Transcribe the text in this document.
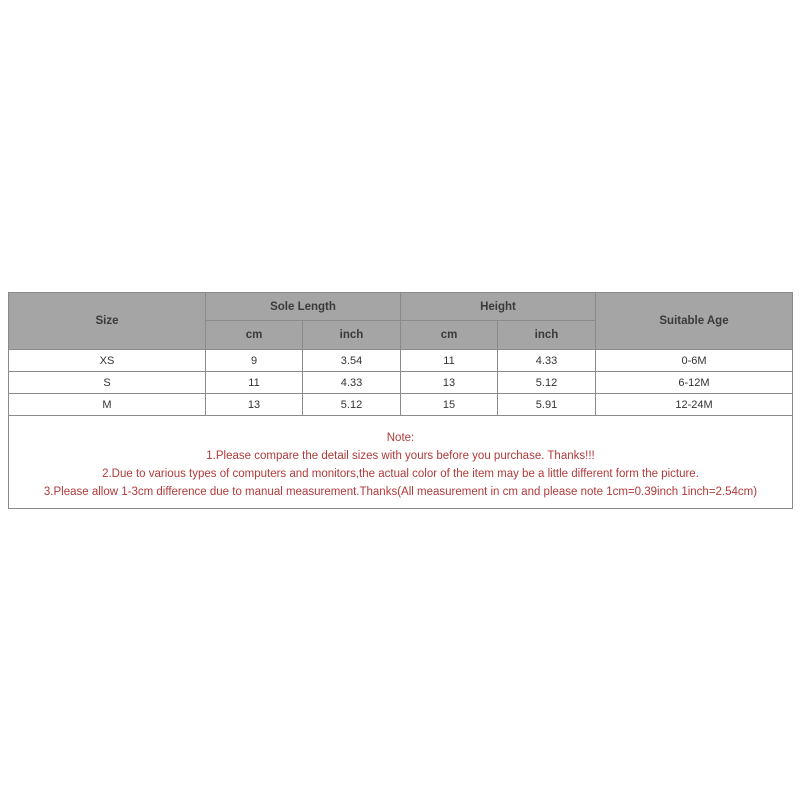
Size	Sole Length		Height		Suitable Age
	cm	inch	cm	inch	
XS	9	3.54	11	4.33	0-6M
S	11	4.33	13	5.12	6-12M
M	13	5.12	15	5.91	12-24M

Note:
1.Please compare the detail sizes with yours before you purchase. Thanks!!!
2.Due to various types of computers and monitors,the actual color of the item may be a little different form the picture.
3.Please allow 1-3cm difference due to manual measurement.Thanks(All measurement in cm and please note 1cm=0.39inch 1inch=2.54cm)					
